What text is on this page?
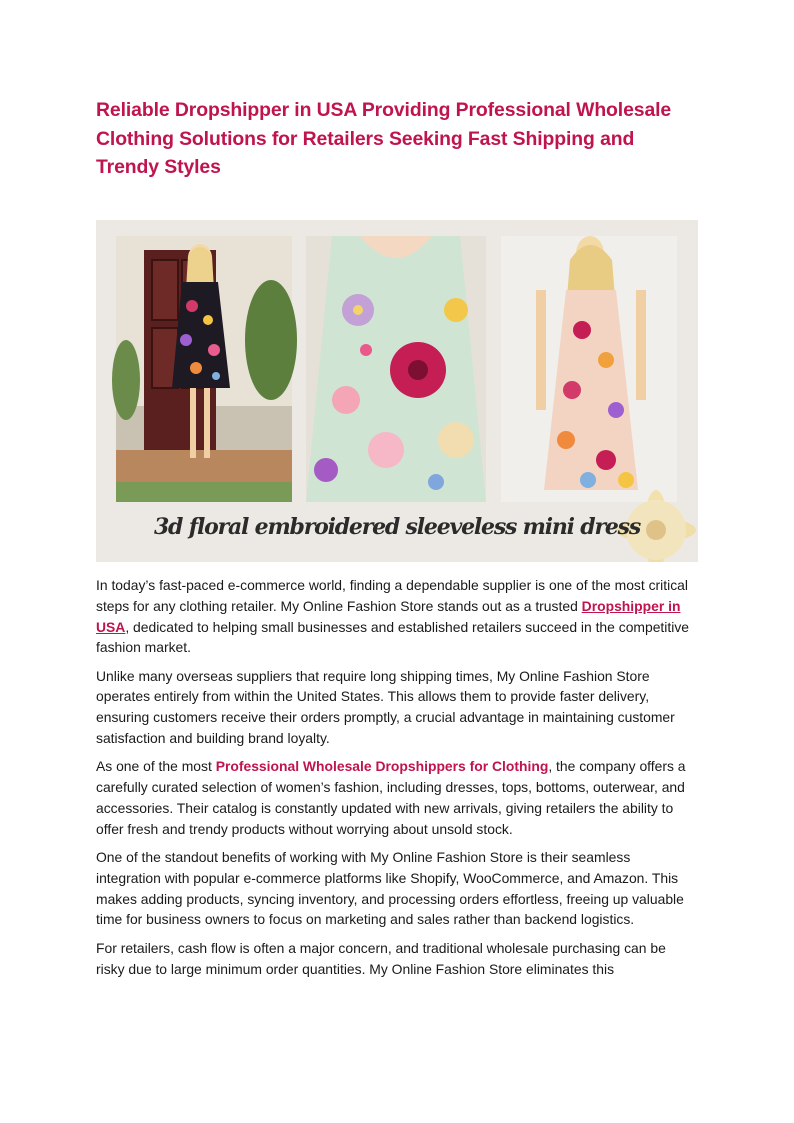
Reliable Dropshipper in USA Providing Professional Wholesale Clothing Solutions for Retailers Seeking Fast Shipping and Trendy Styles
3d floral embroidered sleeveless mini dress

In today’s fast-paced e-commerce world, finding a dependable supplier is one of the most critical steps for any clothing retailer. My Online Fashion Store stands out as a trusted Dropshipper in USA, dedicated to helping small businesses and established retailers succeed in the competitive fashion market.

Unlike many overseas suppliers that require long shipping times, My Online Fashion Store operates entirely from within the United States. This allows them to provide faster delivery, ensuring customers receive their orders promptly, a crucial advantage in maintaining customer satisfaction and building brand loyalty.

As one of the most Professional Wholesale Dropshippers for Clothing, the company offers a carefully curated selection of women’s fashion, including dresses, tops, bottoms, outerwear, and accessories. Their catalog is constantly updated with new arrivals, giving retailers the ability to offer fresh and trendy products without worrying about unsold stock.

One of the standout benefits of working with My Online Fashion Store is their seamless integration with popular e-commerce platforms like Shopify, WooCommerce, and Amazon. This makes adding products, syncing inventory, and processing orders effortless, freeing up valuable time for business owners to focus on marketing and sales rather than backend logistics.

For retailers, cash flow is often a major concern, and traditional wholesale purchasing can be risky due to large minimum order quantities. My Online Fashion Store eliminates this
